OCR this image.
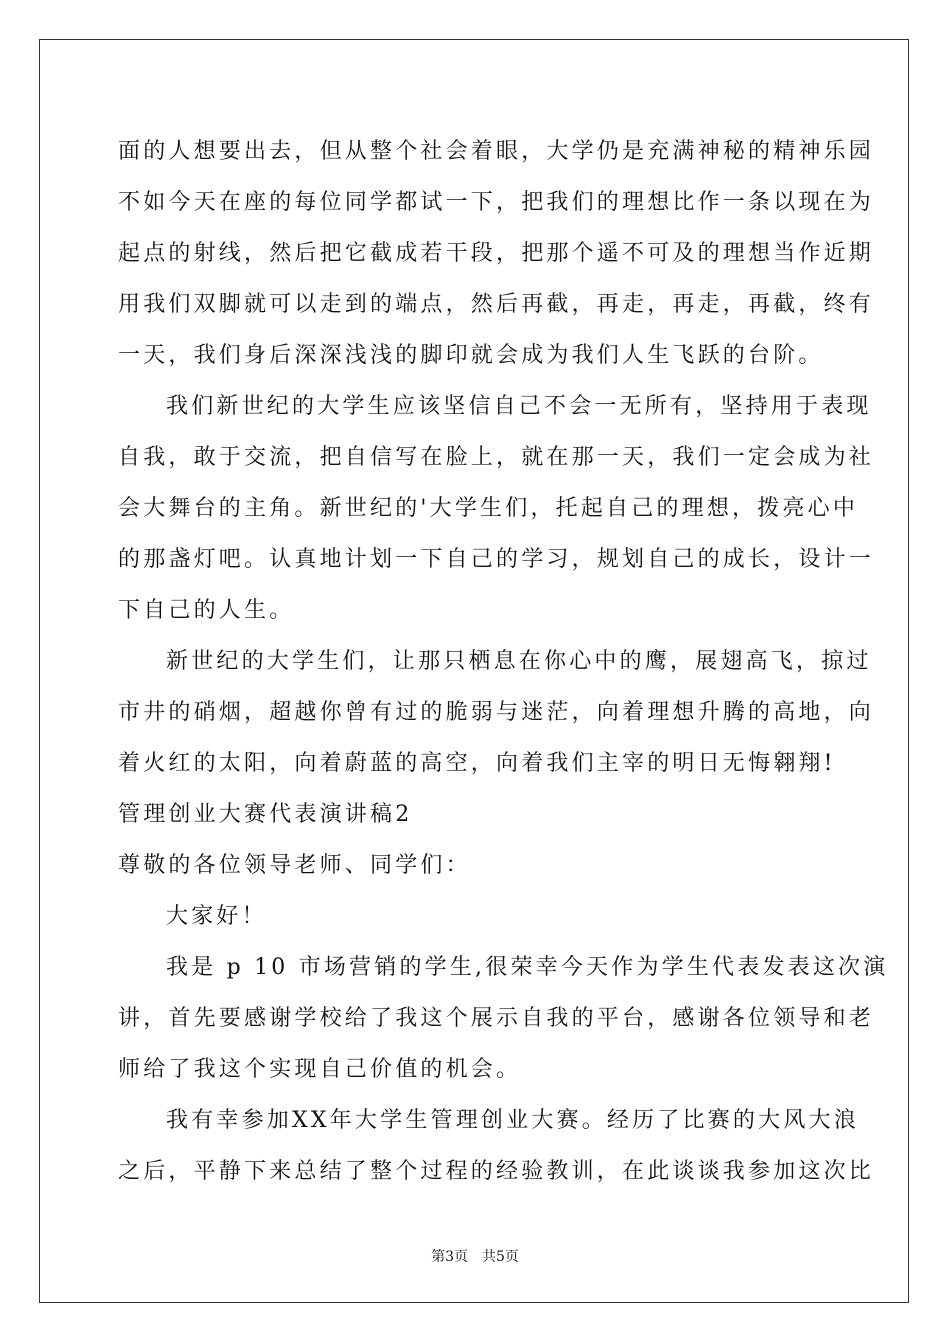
面的人想要出去，但从整个社会着眼，大学仍是充满神秘的精神乐园
不如今天在座的每位同学都试一下，把我们的理想比作一条以现在为
起点的射线，然后把它截成若干段，把那个遥不可及的理想当作近期
用我们双脚就可以走到的端点，然后再截，再走，再走，再截，终有
一天，我们身后深深浅浅的脚印就会成为我们人生飞跃的台阶。
我们新世纪的大学生应该坚信自己不会一无所有，坚持用于表现
自我，敢于交流，把自信写在脸上，就在那一天，我们一定会成为社
会大舞台的主角。新世纪的'大学生们，托起自己的理想，拨亮心中
的那盏灯吧。认真地计划一下自己的学习，规划自己的成长，设计一
下自己的人生。
新世纪的大学生们，让那只栖息在你心中的鹰，展翅高飞，掠过
市井的硝烟，超越你曾有过的脆弱与迷茫，向着理想升腾的高地，向
着火红的太阳，向着蔚蓝的高空，向着我们主宰的明日无悔翱翔!
管理创业大赛代表演讲稿2
尊敬的各位领导老师、同学们：
大家好！
我是 p 10 市场营销的学生,很荣幸今天作为学生代表发表这次演
讲，首先要感谢学校给了我这个展示自我的平台，感谢各位领导和老
师给了我这个实现自己价值的机会。
我有幸参加XX年大学生管理创业大赛。经历了比赛的大风大浪
之后，平静下来总结了整个过程的经验教训，在此谈谈我参加这次比
第3页　共5页
